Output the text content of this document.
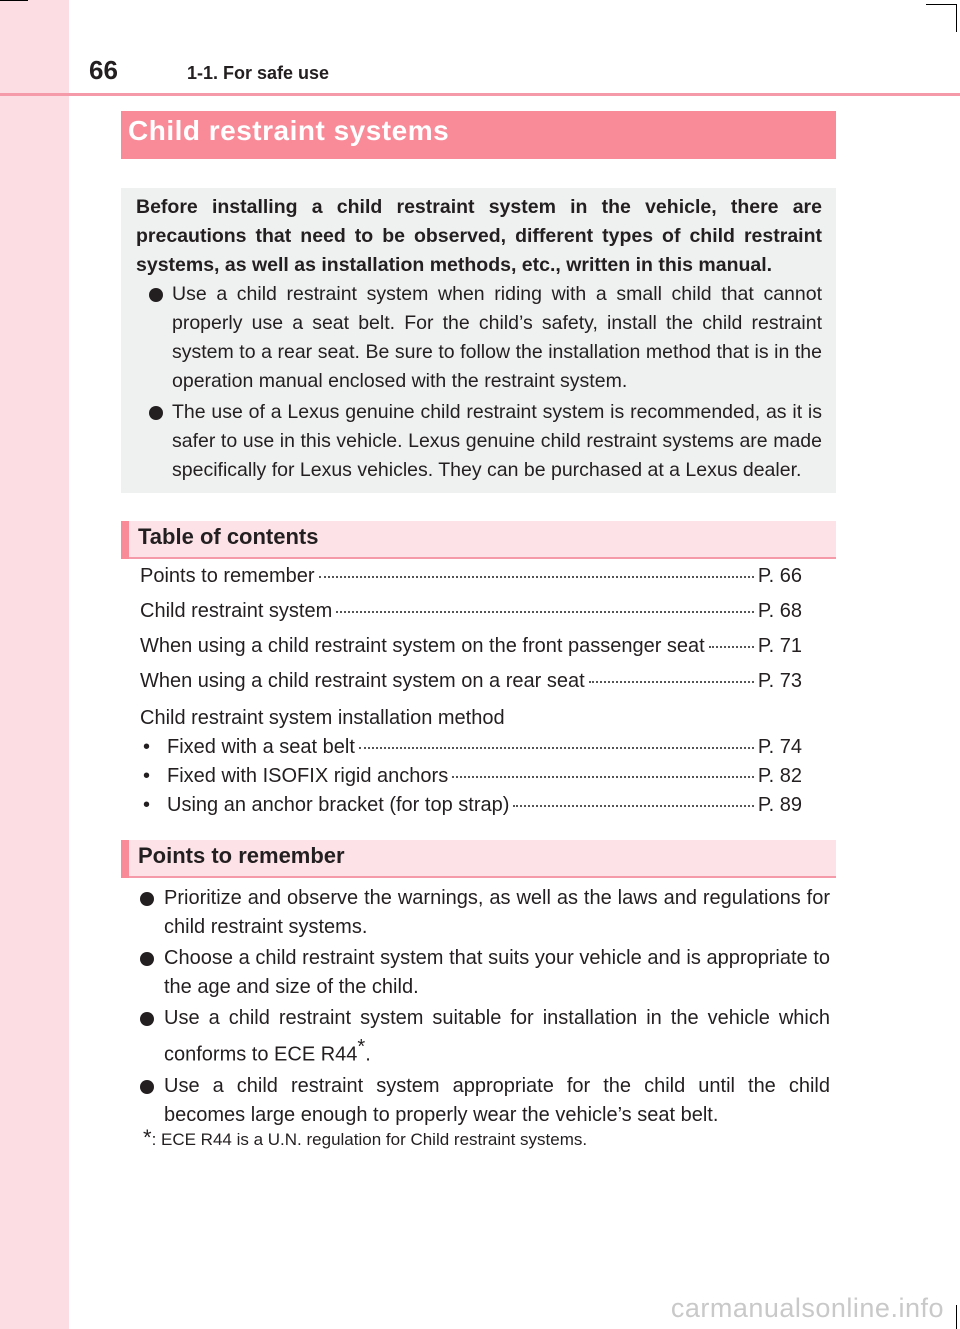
66	1-1. For safe use
Child restraint systems
Before installing a child restraint system in the vehicle, there are precautions that need to be observed, different types of child restraint systems, as well as installation methods, etc., written in this manual.
Use a child restraint system when riding with a small child that cannot properly use a seat belt. For the child’s safety, install the child restraint system to a rear seat. Be sure to follow the installation method that is in the operation manual enclosed with the restraint system.
The use of a Lexus genuine child restraint system is recommended, as it is safer to use in this vehicle. Lexus genuine child restraint systems are made specifically for Lexus vehicles. They can be purchased at a Lexus dealer.
Table of contents
Points to remember	P. 66
Child restraint system	P. 68
When using a child restraint system on the front passenger seat	P. 71
When using a child restraint system on a rear seat	P. 73
Child restraint system installation method
• Fixed with a seat belt	P. 74
• Fixed with ISOFIX rigid anchors	P. 82
• Using an anchor bracket (for top strap)	P. 89
Points to remember
Prioritize and observe the warnings, as well as the laws and regulations for child restraint systems.
Choose a child restraint system that suits your vehicle and is appropriate to the age and size of the child.
Use a child restraint system suitable for installation in the vehicle which conforms to ECE R44*.
Use a child restraint system appropriate for the child until the child becomes large enough to properly wear the vehicle’s seat belt.
*: ECE R44 is a U.N. regulation for Child restraint systems.
carmanualsonline.info
